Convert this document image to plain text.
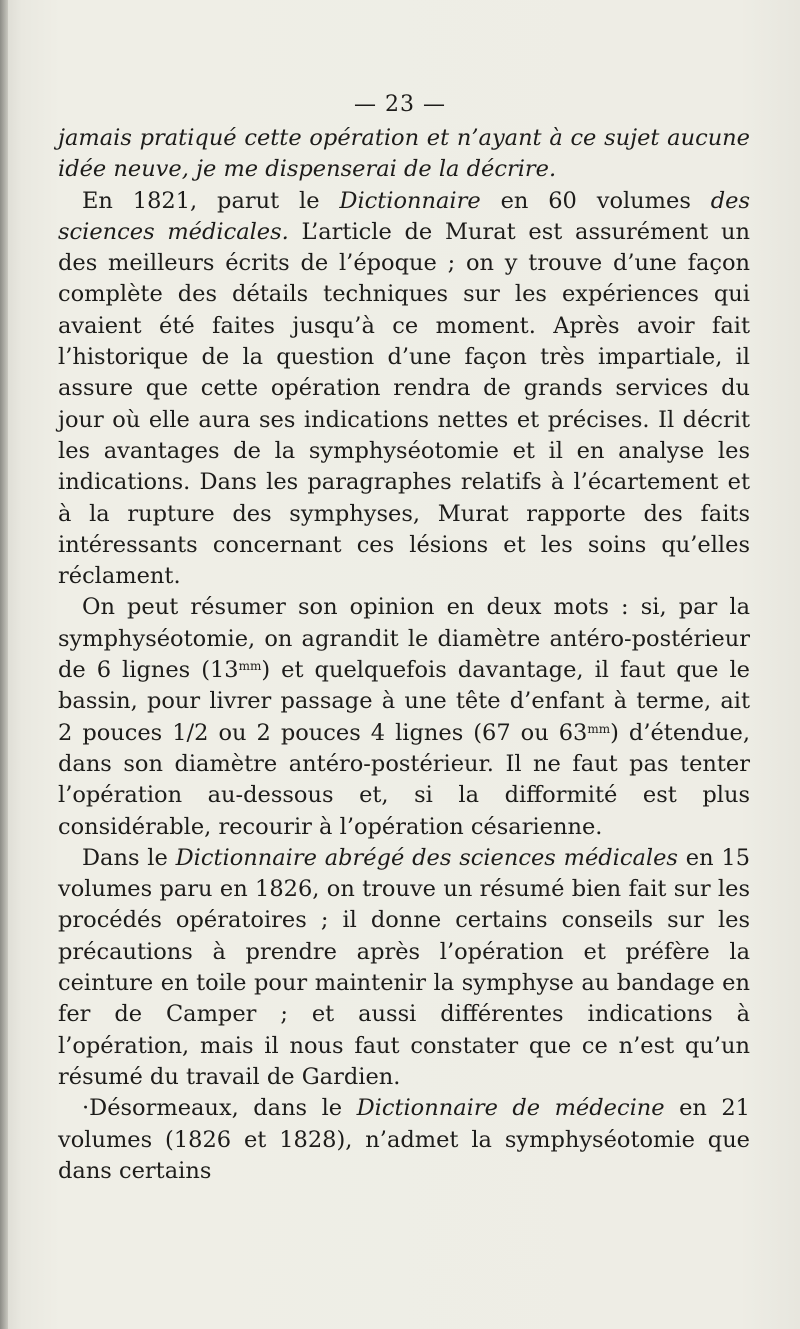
— 23 —

jamais pratiqué cette opération et n’ayant à ce sujet aucune idée neuve, je me dispenserai de la décrire.

En 1821, parut le Dictionnaire en 60 volumes des sciences médicales. L’article de Murat est assurément un des meilleurs écrits de l’époque ; on y trouve d’une façon complète des détails techniques sur les expériences qui avaient été faites jusqu’à ce moment. Après avoir fait l’historique de la question d’une façon très impartiale, il assure que cette opération rendra de grands services du jour où elle aura ses indications nettes et précises. Il décrit les avantages de la symphyséotomie et il en analyse les indications. Dans les paragraphes relatifs à l’écartement et à la rupture des symphyses, Murat rapporte des faits intéressants concernant ces lésions et les soins qu’elles réclament.

On peut résumer son opinion en deux mots : si, par la symphyséotomie, on agrandit le diamètre antéro-postérieur de 6 lignes $(13^{mm})$ et quelquefois davantage, il faut que le bassin, pour livrer passage à une tête d’enfant à terme, ait 2 pouces 1/2 ou 2 pouces 4 lignes (67 ou $63^{mm}$) d’étendue, dans son diamètre antéro-postérieur. Il ne faut pas tenter l’opération au-dessous et, si la difformité est plus considérable, recourir à l’opération césarienne.

Dans le Dictionnaire abrégé des sciences médicales en 15 volumes paru en 1826, on trouve un résumé bien fait sur les procédés opératoires ; il donne certains conseils sur les précautions à prendre après l’opération et préfère la ceinture en toile pour maintenir la symphyse au bandage en fer de Camper ; et aussi différentes indications à l’opération, mais il nous faut constater que ce n’est qu’un résumé du travail de Gardien.

·Désormeaux, dans le Dictionnaire de médecine en 21 volumes (1826 et 1828), n’admet la symphyséotomie que dans certains
